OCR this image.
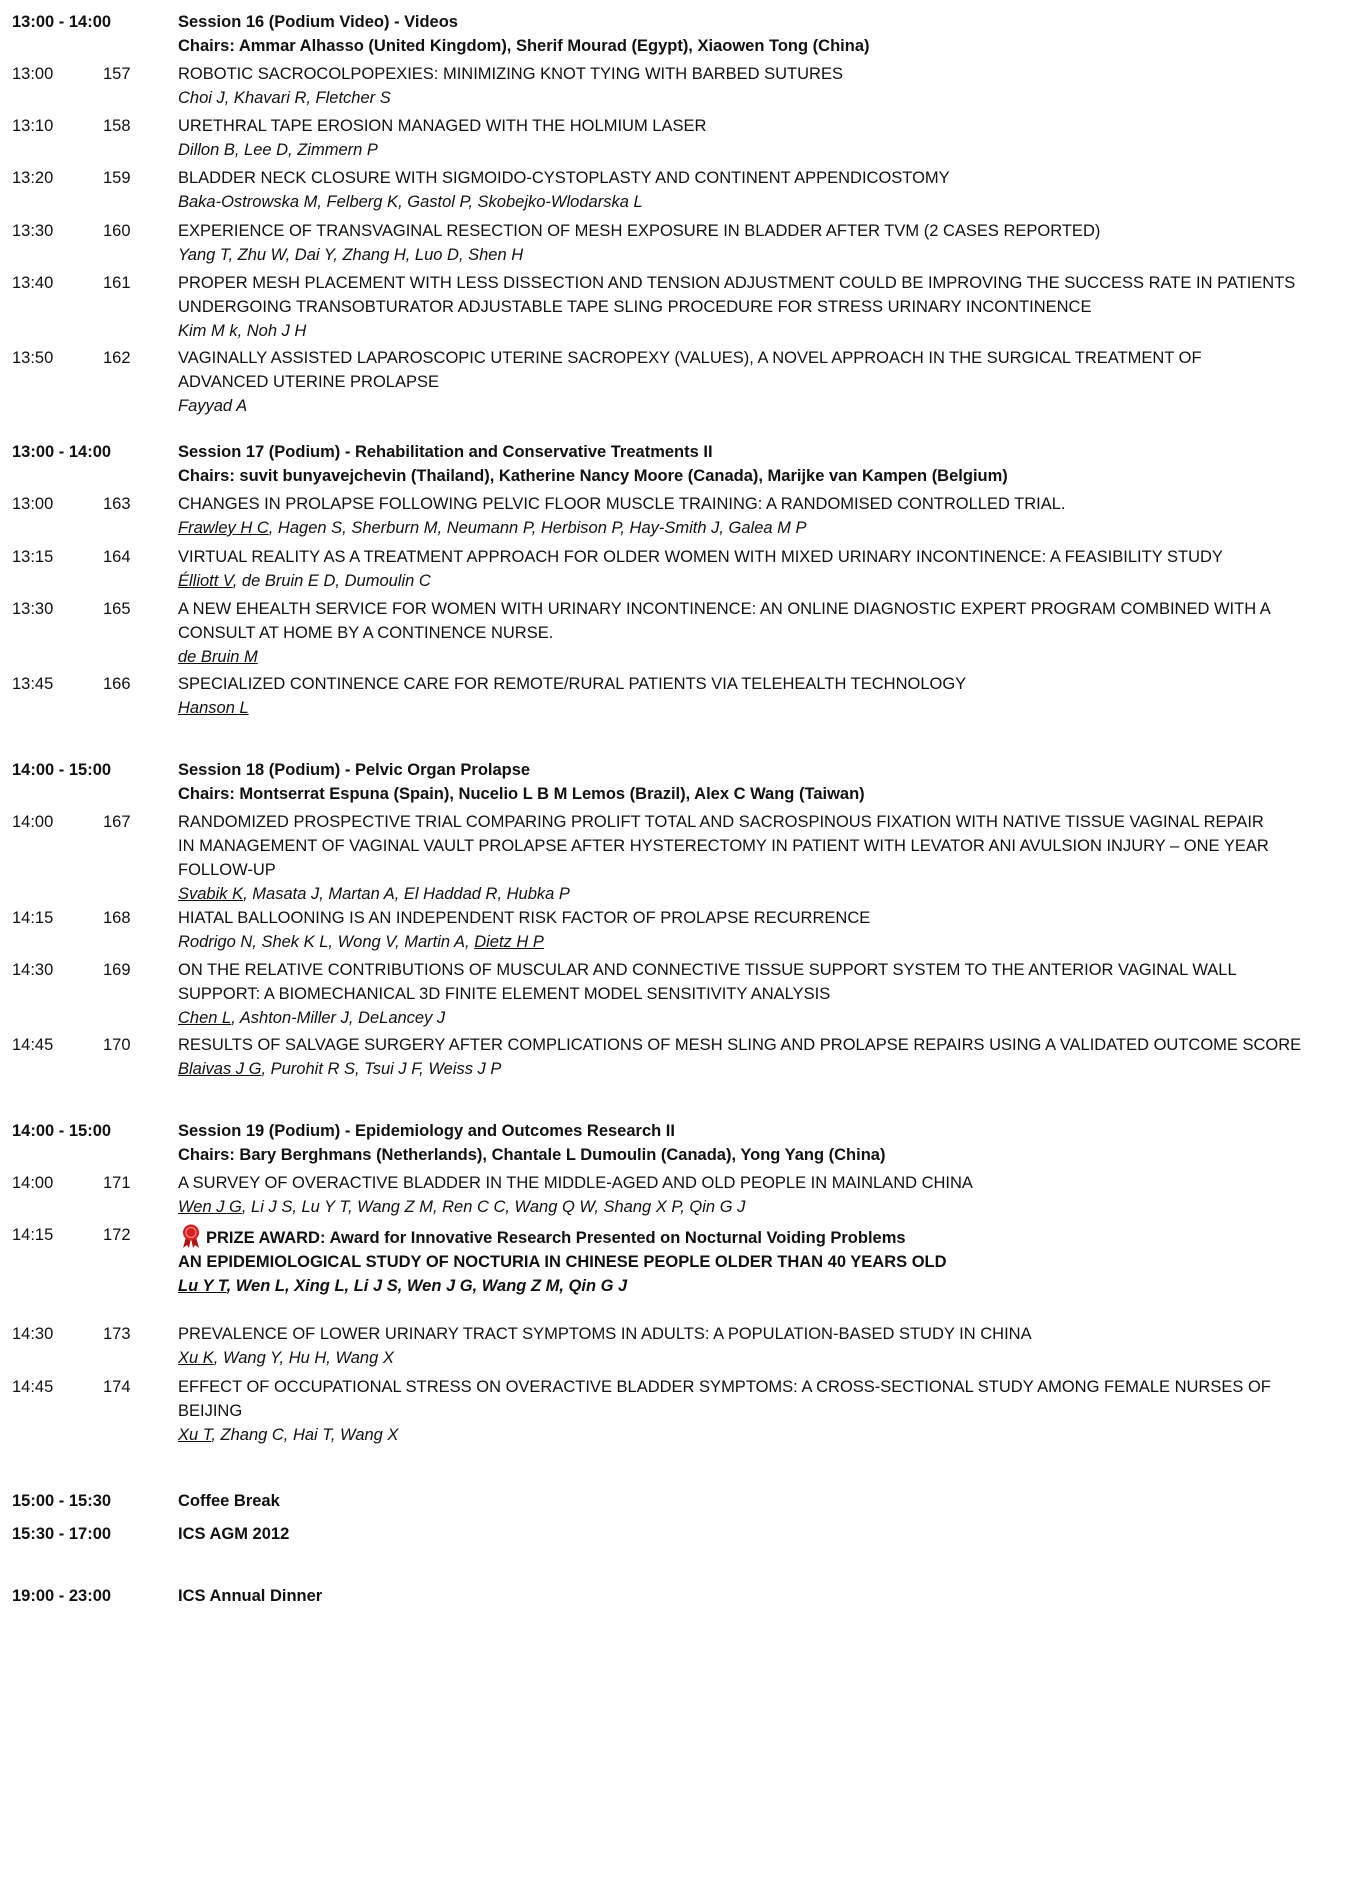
13:00 - 14:00	Session 16 (Podium Video) - Videos
Chairs: Ammar Alhasso (United Kingdom), Sherif Mourad (Egypt), Xiaowen Tong (China)
13:00	157	ROBOTIC SACROCOLPOPEXIES: MINIMIZING KNOT TYING WITH BARBED SUTURES
Choi J, Khavari R, Fletcher S
13:10	158	URETHRAL TAPE EROSION MANAGED WITH THE HOLMIUM LASER
Dillon B, Lee D, Zimmern P
13:20	159	BLADDER NECK CLOSURE WITH SIGMOIDO-CYSTOPLASTY AND CONTINENT APPENDICOSTOMY
Baka-Ostrowska M, Felberg K, Gastol P, Skobejko-Wlodarska L
13:30	160	EXPERIENCE OF TRANSVAGINAL RESECTION OF MESH EXPOSURE IN BLADDER AFTER TVM (2 CASES REPORTED)
Yang T, Zhu W, Dai Y, Zhang H, Luo D, Shen H
13:40	161	PROPER MESH PLACEMENT WITH LESS DISSECTION AND TENSION ADJUSTMENT COULD BE IMPROVING THE SUCCESS RATE IN PATIENTS
UNDERGOING TRANSOBTURATOR ADJUSTABLE TAPE SLING PROCEDURE FOR STRESS URINARY INCONTINENCE
Kim M k, Noh J H
13:50	162	VAGINALLY ASSISTED LAPAROSCOPIC UTERINE SACROPEXY (VALUES), A NOVEL APPROACH IN THE SURGICAL TREATMENT OF
ADVANCED UTERINE PROLAPSE
Fayyad A
13:00 - 14:00	Session 17 (Podium) - Rehabilitation and Conservative Treatments II
Chairs: suvit bunyavejchevin (Thailand), Katherine Nancy Moore (Canada), Marijke van Kampen (Belgium)
13:00	163	CHANGES IN PROLAPSE FOLLOWING PELVIC FLOOR MUSCLE TRAINING: A RANDOMISED CONTROLLED TRIAL.
Frawley H C, Hagen S, Sherburn M, Neumann P, Herbison P, Hay-Smith J, Galea M P
13:15	164	VIRTUAL REALITY AS A TREATMENT APPROACH FOR OLDER WOMEN WITH MIXED URINARY INCONTINENCE: A FEASIBILITY STUDY
Élliott V, de Bruin E D, Dumoulin C
13:30	165	A NEW EHEALTH SERVICE FOR WOMEN WITH URINARY INCONTINENCE: AN ONLINE DIAGNOSTIC EXPERT PROGRAM COMBINED WITH A
CONSULT AT HOME BY A CONTINENCE NURSE.
de Bruin M
13:45	166	SPECIALIZED CONTINENCE CARE FOR REMOTE/RURAL PATIENTS VIA TELEHEALTH TECHNOLOGY
Hanson L
14:00 - 15:00	Session 18 (Podium) - Pelvic Organ Prolapse
Chairs: Montserrat Espuna (Spain), Nucelio L B M Lemos (Brazil), Alex C Wang (Taiwan)
14:00	167	RANDOMIZED PROSPECTIVE TRIAL COMPARING PROLIFT TOTAL AND SACROSPINOUS FIXATION WITH NATIVE TISSUE VAGINAL REPAIR
IN MANAGEMENT OF VAGINAL VAULT PROLAPSE AFTER HYSTERECTOMY IN PATIENT WITH LEVATOR ANI AVULSION INJURY – ONE YEAR
FOLLOW-UP
Svabik K, Masata J, Martan A, El Haddad R, Hubka P
14:15	168	HIATAL BALLOONING IS AN INDEPENDENT RISK FACTOR OF PROLAPSE RECURRENCE
Rodrigo N, Shek K L, Wong V, Martin A, Dietz H P
14:30	169	ON THE RELATIVE CONTRIBUTIONS OF MUSCULAR AND CONNECTIVE TISSUE SUPPORT SYSTEM TO THE ANTERIOR VAGINAL WALL
SUPPORT: A BIOMECHANICAL 3D FINITE ELEMENT MODEL SENSITIVITY ANALYSIS
Chen L, Ashton-Miller J, DeLancey J
14:45	170	RESULTS OF SALVAGE SURGERY AFTER COMPLICATIONS OF MESH SLING AND PROLAPSE REPAIRS USING A VALIDATED OUTCOME SCORE
Blaivas J G, Purohit R S, Tsui J F, Weiss J P
14:00 - 15:00	Session 19 (Podium) - Epidemiology and Outcomes Research II
Chairs: Bary Berghmans (Netherlands), Chantale L Dumoulin (Canada), Yong Yang (China)
14:00	171	A SURVEY OF OVERACTIVE BLADDER IN THE MIDDLE-AGED AND OLD PEOPLE IN MAINLAND CHINA
Wen J G, Li J S, Lu Y T, Wang Z M, Ren C C, Wang Q W, Shang X P, Qin G J
14:15	172	PRIZE AWARD: Award for Innovative Research Presented on Nocturnal Voiding Problems
AN EPIDEMIOLOGICAL STUDY OF NOCTURIA IN CHINESE PEOPLE OLDER THAN 40 YEARS OLD
Lu Y T, Wen L, Xing L, Li J S, Wen J G, Wang Z M, Qin G J
14:30	173	PREVALENCE OF LOWER URINARY TRACT SYMPTOMS IN ADULTS: A POPULATION-BASED STUDY IN CHINA
Xu K, Wang Y, Hu H, Wang X
14:45	174	EFFECT OF OCCUPATIONAL STRESS ON OVERACTIVE BLADDER SYMPTOMS: A CROSS-SECTIONAL STUDY AMONG FEMALE NURSES OF
BEIJING
Xu T, Zhang C, Hai T, Wang X
15:00 - 15:30	Coffee Break
15:30 - 17:00	ICS AGM 2012
19:00 - 23:00	ICS Annual Dinner
